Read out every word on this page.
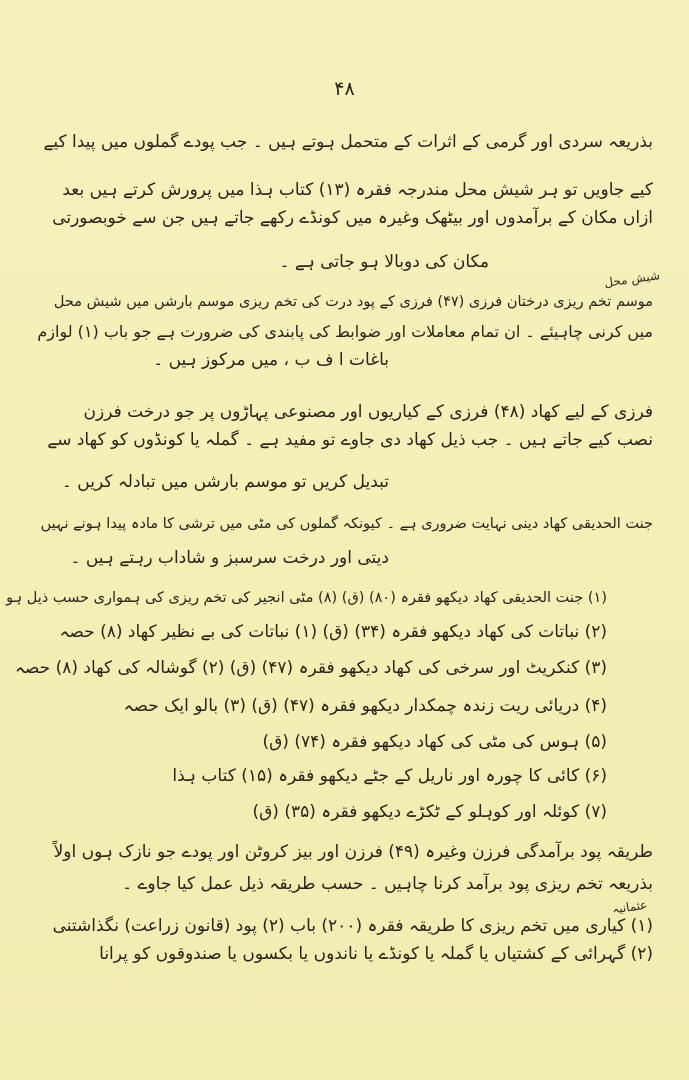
۴۸
بذریعہ سردی اور گرمی کے اثرات کے متحمل ہوتے ہیں ۔ جب پودے گملوں میں پیدا کیے
کیے جاویں تو ہر شیش محل مندرجہ فقرہ (۱۳) کتاب ہذا میں پرورش کرتے ہیں بعد
ازاں مکان کے برآمدوں اور بیٹھک وغیرہ میں کونڈے رکھے جاتے ہیں جن سے خوبصورتی
مکان کی دوبالا ہو جاتی ہے ۔
موسم تخم ریزی درختان فرزی (۴۷) فرزی کے پود درت کی تخم ریزی موسم بارشں میں شیش محل
میں کرنی چاہیئے ۔ ان تمام معاملات اور ضوابط کی پابندی کی ضرورت ہے جو باب (۱) لوازم
باغات ا ف ب ، میں مرکوز ہیں ۔
فرزی کے لیے کھاد (۴۸) فرزی کے کیاریوں اور مصنوعی پہاڑوں پر جو درخت فرزن
نصب کیے جاتے ہیں ۔ جب ذیل کھاد دی جاوے تو مفید ہے ۔ گملہ یا کونڈوں کو کھاد سے
تبدیل کریں تو موسم بارشں میں تبادلہ کریں ۔
جنت الحدیقی کھاد دینی نہایت ضروری ہے ۔ کیونکہ گملوں کی مٹی میں ترشی کا مادہ پیدا ہونے نہیں
دیتی اور درخت سرسبز و شاداب رہتے ہیں ۔
(۱) جنت الحدیقی کھاد دیکھو فقرہ (۸۰) (ق) (۸) مٹی انجیر کی تخم ریزی کی ہمواری حسب ذیل ہو
(۲) نباتات کی کھاد دیکھو فقرہ (۳۴) (ق) (۱) نباتات کی بے نظیر کھاد (۸) حصہ
(۳) کنکریٹ اور سرخی کی کھاد دیکھو فقرہ (۴۷) (ق) (۲) گوشالہ کی کھاد (۸) حصہ
(۴) دریائی ریت زندہ چمکدار دیکھو فقرہ (۴۷) (ق) (۳) بالو ایک حصہ
(۵) ہوس کی مٹی کی کھاد دیکھو فقرہ (۷۴) (ق)
(۶) کائی کا چورہ اور ناریل کے جٹے دیکھو فقرہ (۱۵) کتاب ہذا
(۷) کوئلہ اور کوہلو کے ٹکڑے دیکھو فقرہ (۳۵) (ق)
طریقہ پود برآمدگی فرزن وغیرہ (۴۹) فرزن اور بیز کروٹن اور پودے جو نازک ہوں اولاً
بذریعہ تخم ریزی پود برآمد کرنا چاہیں ۔ حسب طریقہ ذیل عمل کیا جاوے ۔
(۱) کیاری میں تخم ریزی کا طریقہ فقرہ (۲۰۰) باب (۲) پود (قانون زراعت) نگذاشتنی
(۲) گہرائی کے کشتیاں یا گملہ یا کونڈے یا ناندوں یا بکسوں یا صندوقوں کو پرانا
شیش محل
عثمانیہ
